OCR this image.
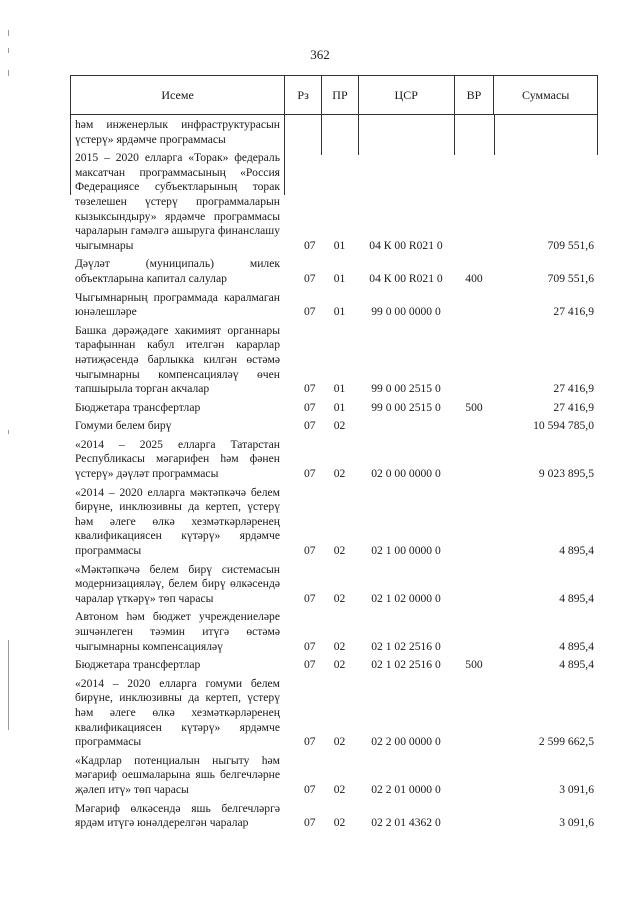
362
Исеме	Рз	ПР	ЦСР	ВР	Суммасы
һәм инженерлык инфраструктурасын үстерү» ярдәмче программасы
2015 – 2020 елларга «Торак» федераль максатчан программасының «Россия Федерациясе субъектларының торак төзелешен үстерү программаларын кызыксындыру» ярдәмче программасы чараларын гамәлгә ашыруга финанслашу чыгымнары	07	01	04 К 00 R021 0	709 551,6
Дәүләт (муниципаль) милек объектларына капитал салулар	07	01	04 К 00 R021 0	400	709 551,6
Чыгымнарның программада каралмаган юнәлешләре	07	01	99 0 00 0000 0	27 416,9
Башка дәрәҗәдәге хакимият органнары тарафыннан кабул ителгән карарлар нәтиҗәсендә барлыкка килгән өстәмә чыгымнарны компенсацияләү өчен тапшырыла торган акчалар	07	01	99 0 00 2515 0	27 416,9
Бюджетара трансфертлар	07	01	99 0 00 2515 0	500	27 416,9
Гомуми белем бирү	07	02	10 594 785,0
«2014 – 2025 елларга Татарстан Республикасы мәгарифен һәм фәнен үстерү» дәүләт программасы	07	02	02 0 00 0000 0	9 023 895,5
«2014 – 2020 елларга мәктәпкәчә белем бирүне, инклюзивны да кертеп, үстерү һәм әлеге өлкә хезмәткәрләренең квалификациясен күтәрү» ярдәмче программасы	07	02	02 1 00 0000 0	4 895,4
«Мәктәпкәчә белем бирү системасын модернизацияләү, белем бирү өлкәсендә чаралар үткәрү» төп чарасы	07	02	02 1 02 0000 0	4 895,4
Автоном һәм бюджет учреждениеләре эшчәнлеген тәэмин итүгә өстәмә чыгымнарны компенсацияләү	07	02	02 1 02 2516 0	4 895,4
Бюджетара трансфертлар	07	02	02 1 02 2516 0	500	4 895,4
«2014 – 2020 елларга гомуми белем бирүне, инклюзивны да кертеп, үстерү һәм әлеге өлкә хезмәткәрләренең квалификациясен күтәрү» ярдәмче программасы	07	02	02 2 00 0000 0	2 599 662,5
«Кадрлар потенциалын ныгыту һәм мәгариф оешмаларына яшь белгечләрне җәлеп итү» төп чарасы	07	02	02 2 01 0000 0	3 091,6
Мәгариф өлкәсендә яшь белгечләргә ярдәм итүгә юнәлдерелгән чаралар	07	02	02 2 01 4362 0	3 091,6
